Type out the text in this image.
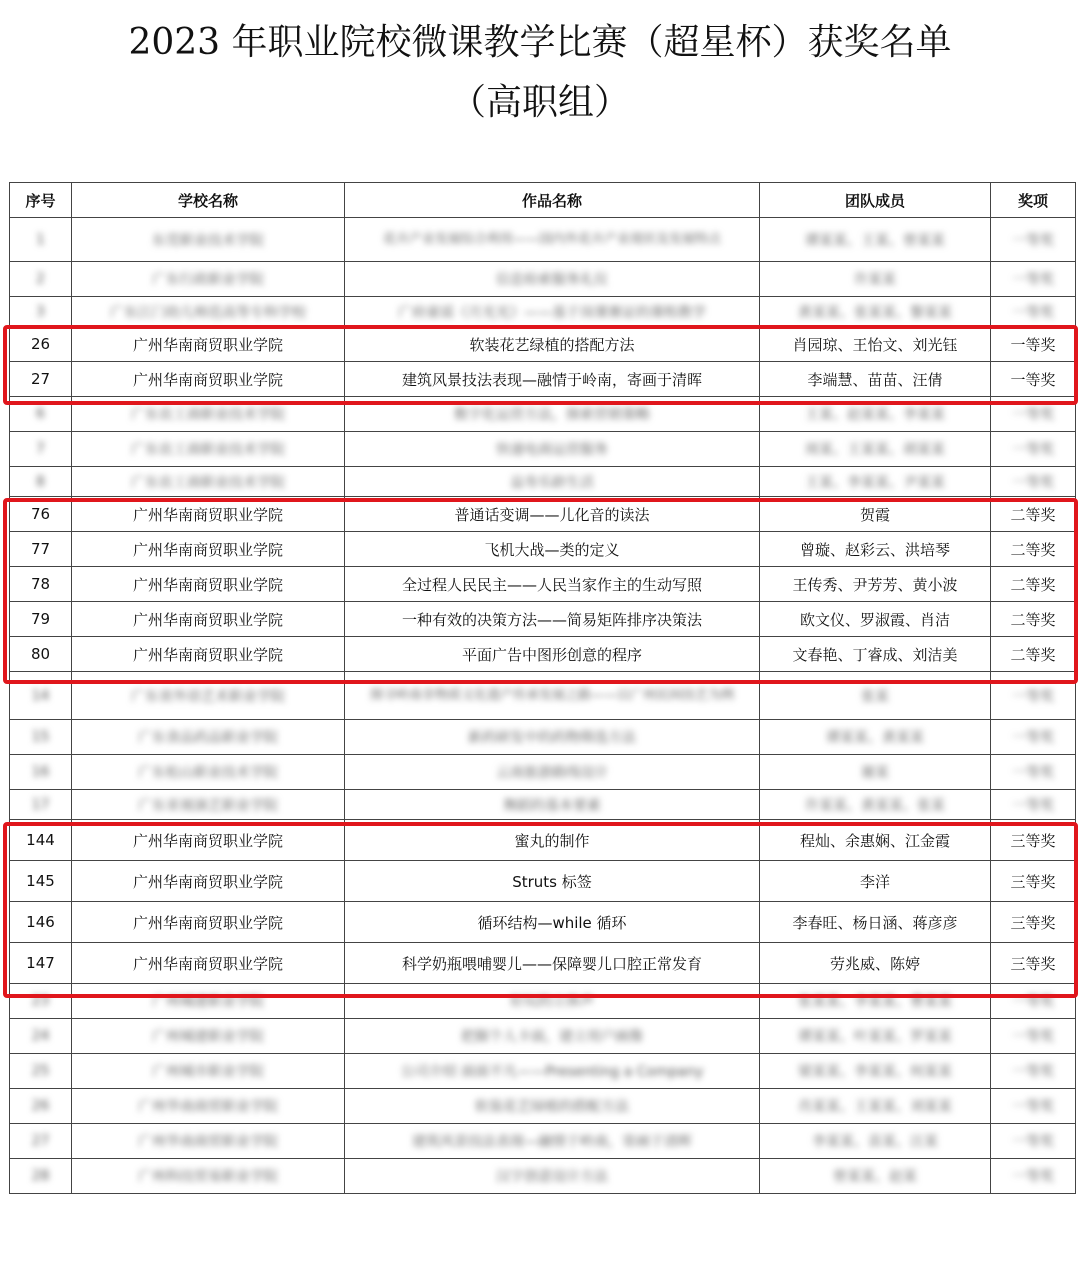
2023 年职业院校微课教学比赛（超星杯）获奖名单
（高职组）
序号	学校名称	作品名称	团队成员	奖项
1	东莞职业技术学院	花卉产业发展综合利用——国内外花卉产业现状及发展特点	谭某某、王某、曾某某	一等奖
2	广东行政职业学院	信息检索服务礼仪	许某某	一等奖
3	广东江门幼儿师范高等专科学校	广府童谣《月光光》——基于岗课赛证的课程教学	黄某某、张某某、黎某某	一等奖
26	广州华南商贸职业学院	软装花艺绿植的搭配方法	肖园琼、王怡文、刘光钰	一等奖
27	广州华南商贸职业学院	建筑风景技法表现—融情于岭南，寄画于清晖	李端慧、苗苗、汪倩	一等奖
6	广东农工商职业技术学院	数字化运营方法，探索营销策略	王某、赵某某、李某某	一等奖
7	广东农工商职业技术学院	快递电商运营服务	周某、王某某、胡某某	一等奖
8	广东农工商职业技术学院	益寿乐龄生活	王某、李某某、尹某某	一等奖
76	广州华南商贸职业学院	普通话变调——儿化音的读法	贺霞	二等奖
77	广州华南商贸职业学院	飞机大战—类的定义	曾璇、赵彩云、洪培琴	二等奖
78	广州华南商贸职业学院	全过程人民民主——人民当家作主的生动写照	王传秀、尹芳芳、黄小波	二等奖
79	广州华南商贸职业学院	一种有效的决策方法——简易矩阵排序决策法	欧文仪、罗淑霞、肖洁	二等奖
80	广州华南商贸职业学院	平面广告中图形创意的程序	文春艳、丁睿成、刘洁美	二等奖
14	广东省外语艺术职业学院	探寻岭南非物质文化遗产传承发展之路——以广州民间技艺为例	张某	一等奖
15	广东食品药品职业学院	新药研发中的药物筛选方法	谭某某、黄某某	一等奖
16	广东松山职业技术学院	云南旅游路线设计	谢某	一等奖
17	广东亚视演艺职业学院	舞蹈的基本要素	许某某、黄某某、张某	一等奖
144	广州华南商贸职业学院	蜜丸的制作	程灿、余惠娴、江金霞	三等奖
145	广州华南商贸职业学院	Struts 标签	李洋	三等奖
146	广州华南商贸职业学院	循环结构—while 循环	李春旺、杨日涵、蒋彦彦	三等奖
147	广州华南商贸职业学院	科学奶瓶喂哺婴儿——保障婴儿口腔正常发育	劳兆威、陈婷	三等奖
23	广州城建职业学院	好玩的立体声	张某某、李某某、曹某某	一等奖
24	广州城建职业学院	把握个人卡面，建立用户画像	谭某某、叶某某、罗某某	一等奖
25	广州城市职业学院	公司介绍 面面不凡——Presenting a Company	梁某某、李某某、何某某	一等奖
26	广州华南商贸职业学院	软装花艺绿植的搭配方法	肖某某、王某某、刘某某	一等奖
27	广州华南商贸职业学院	建筑风景技法表现—融情于岭南，寄画于清晖	李某某、苗某、汪某	一等奖
28	广州科技贸易职业学院	汉字创意设计方法	曾某某、赵某	一等奖
